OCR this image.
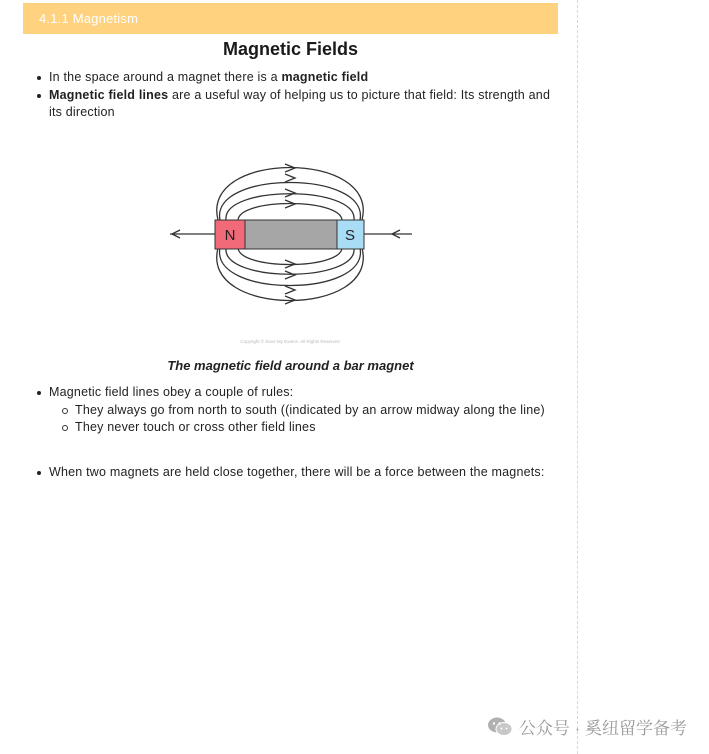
4.1.1 Magnetism
Magnetic Fields
In the space around a magnet there is a magnetic field
Magnetic field lines are a useful way of helping us to picture that field: Its strength and its direction
N	S
Copyright © Save My Exams. All Rights Reserved
The magnetic field around a bar magnet
Magnetic field lines obey a couple of rules:
They always go from north to south ((indicated by an arrow midway along the line)
They never touch or cross other field lines
When two magnets are held close together, there will be a force between the magnets:
公众号 · 奚纽留学备考
